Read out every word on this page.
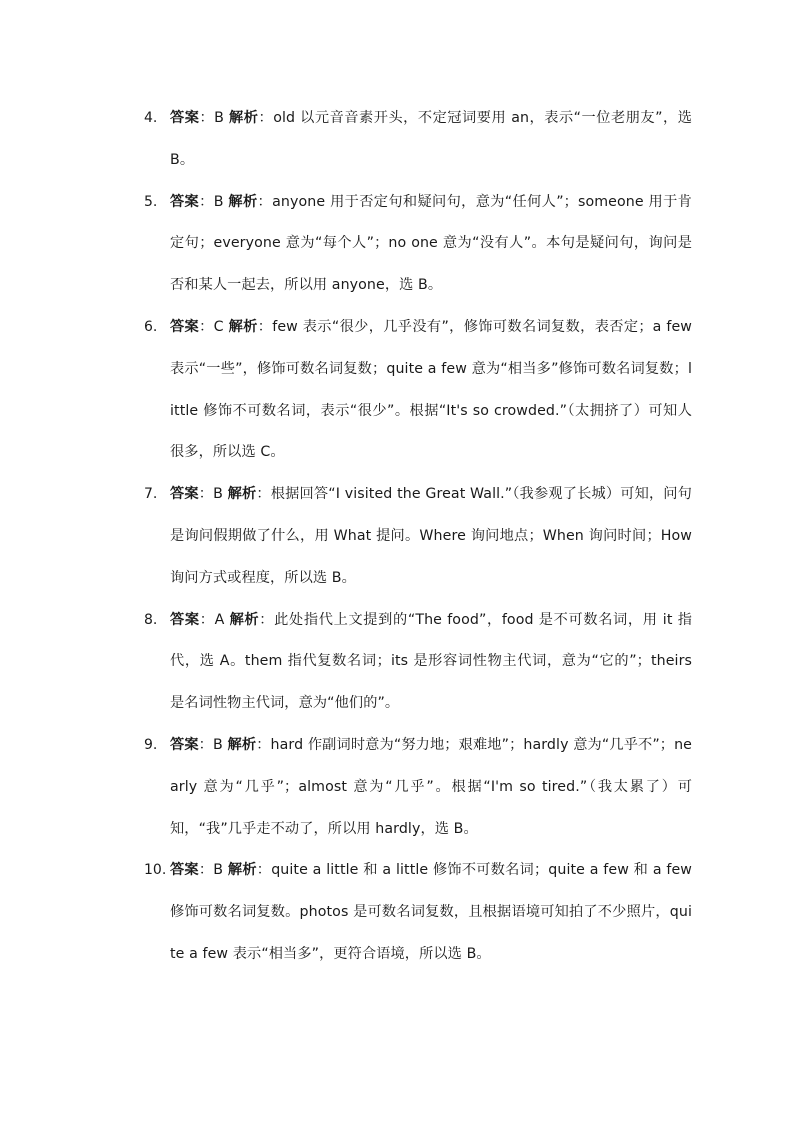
4. 答案：B 解析：old 以元音音素开头，不定冠词要用 an，表示“一位老朋友”，选 B。
5. 答案：B 解析：anyone 用于否定句和疑问句，意为“任何人”；someone 用于肯定句；everyone 意为“每个人”；no one 意为“没有人”。本句是疑问句，询问是否和某人一起去，所以用 anyone，选 B。
6. 答案：C 解析：few 表示“很少，几乎没有”，修饰可数名词复数，表否定；a few 表示“一些”，修饰可数名词复数；quite a few 意为“相当多”修饰可数名词复数；little 修饰不可数名词，表示“很少”。根据“It's so crowded.”（太拥挤了）可知人很多，所以选 C。
7. 答案：B 解析：根据回答“I visited the Great Wall.”（我参观了长城）可知，问句是询问假期做了什么，用 What 提问。Where 询问地点；When 询问时间；How 询问方式或程度，所以选 B。
8. 答案：A 解析：此处指代上文提到的“The food”，food 是不可数名词，用 it 指代，选 A。them 指代复数名词；its 是形容词性物主代词，意为“它的”；theirs 是名词性物主代词，意为“他们的”。
9. 答案：B 解析：hard 作副词时意为“努力地；艰难地”；hardly 意为“几乎不”；nearly 意为“几乎”；almost 意为“几乎”。根据“I'm so tired.”（我太累了）可知，“我”几乎走不动了，所以用 hardly，选 B。
10. 答案：B 解析：quite a little 和 a little 修饰不可数名词；quite a few 和 a few 修饰可数名词复数。photos 是可数名词复数，且根据语境可知拍了不少照片，quite a few 表示“相当多”，更符合语境，所以选 B。
